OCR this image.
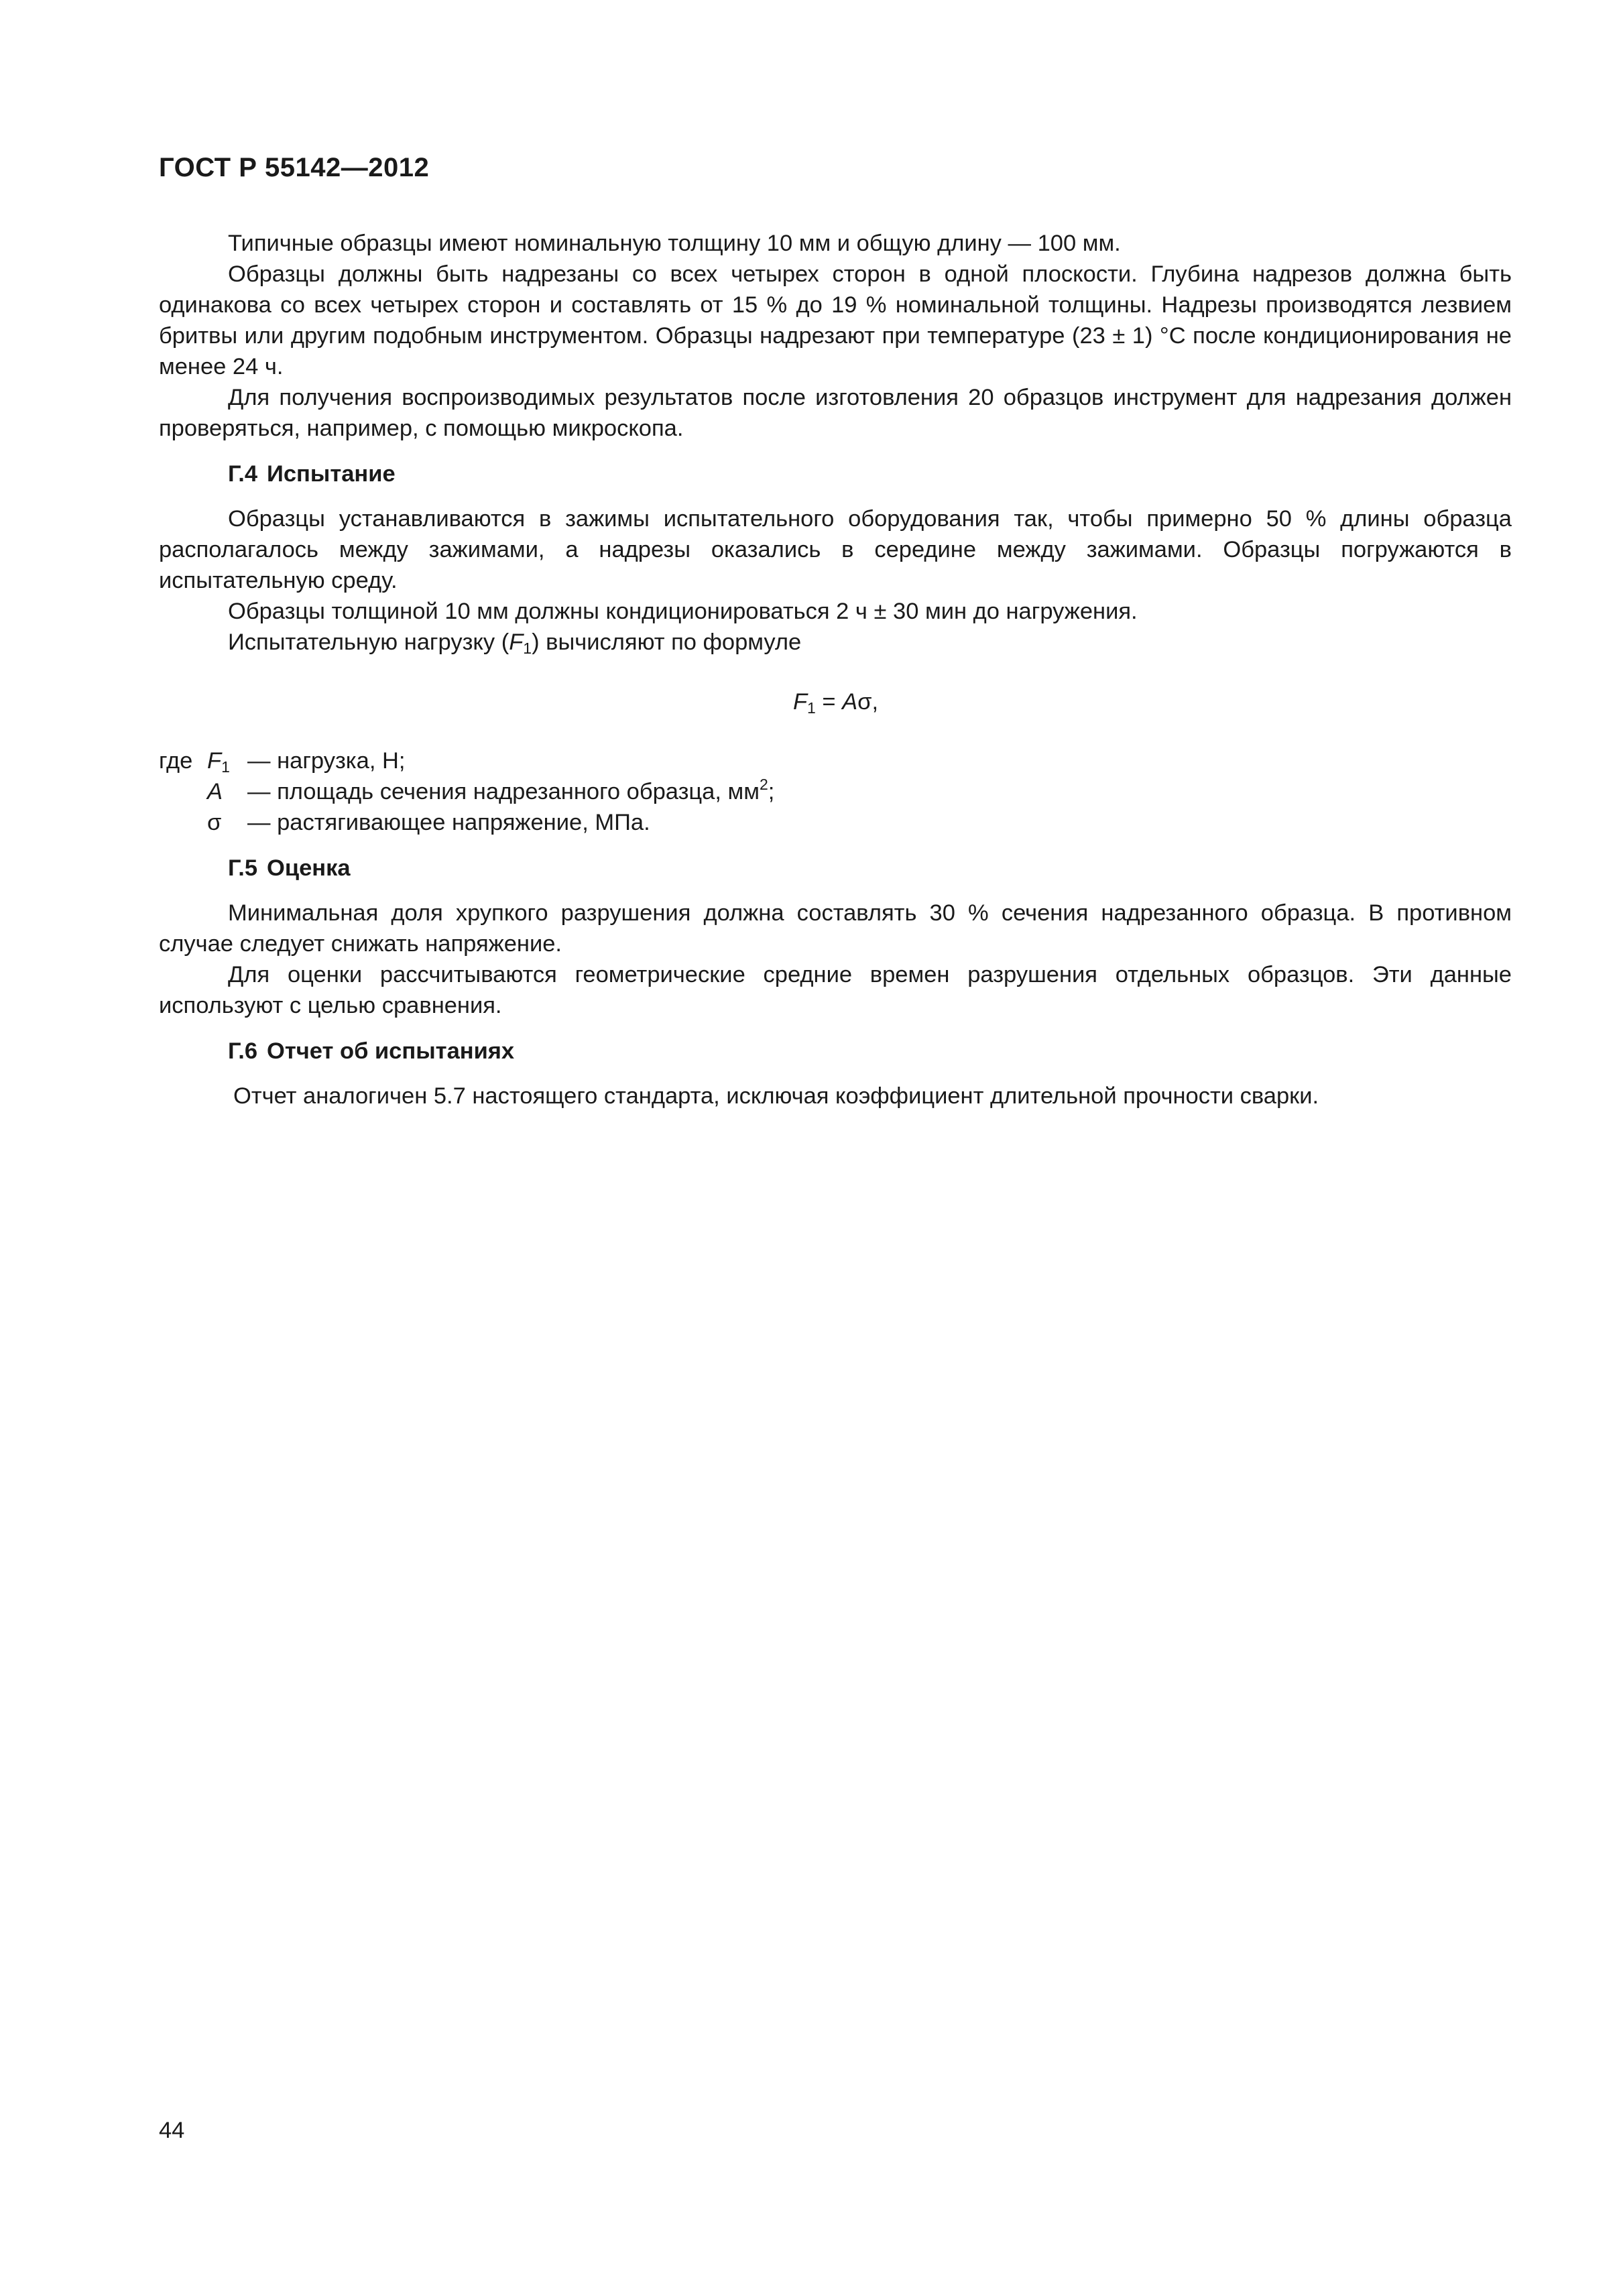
ГОСТ Р 55142—2012

Типичные образцы имеют номинальную толщину 10 мм и общую длину — 100 мм.

Образцы должны быть надрезаны со всех четырех сторон в одной плоскости. Глубина надрезов должна быть одинакова со всех четырех сторон и составлять от 15 % до 19 % номинальной толщины. Надрезы производятся лезвием бритвы или другим подобным инструментом. Образцы надрезают при температуре (23 ± 1) °С после кондиционирования не менее 24 ч.

Для получения воспроизводимых результатов после изготовления 20 образцов инструмент для надрезания должен проверяться, например, с помощью микроскопа.

Г.4 Испытание

Образцы устанавливаются в зажимы испытательного оборудования так, чтобы примерно 50 % длины образца располагалось между зажимами, а надрезы оказались в середине между зажимами. Образцы погружаются в испытательную среду.

Образцы толщиной 10 мм должны кондиционироваться 2 ч ± 30 мин до нагружения.

Испытательную нагрузку $(F_1)$ вычисляют по формуле

$F_1 = A\sigma$,
где $F_1$ — нагрузка, Н;
A	— площадь сечения надрезанного образца, $мм^2$;
σ	— растягивающее напряжение, МПа.
Г.5 Оценка

Минимальная доля хрупкого разрушения должна составлять 30 % сечения надрезанного образца. В противном случае следует снижать напряжение.

Для оценки рассчитываются геометрические средние времен разрушения отдельных образцов. Эти данные используют с целью сравнения.

Г.6 Отчет об испытаниях

Отчет аналогичен 5.7 настоящего стандарта, исключая коэффициент длительной прочности сварки.

44
